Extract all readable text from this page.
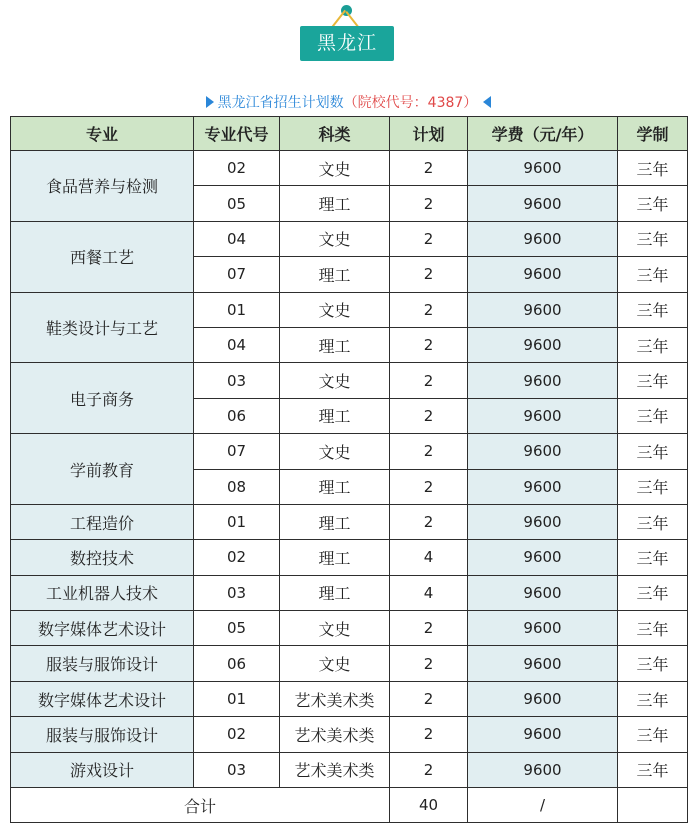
黑龙江
黑龙江省招生计划数（院校代号：4387）
专业	专业代号	科类	计划	学费（元/年）	学制
食品营养与检测	02	文史	2	9600	三年
	05	理工	2	9600	三年
西餐工艺	04	文史	2	9600	三年
	07	理工	2	9600	三年
鞋类设计与工艺	01	文史	2	9600	三年
	04	理工	2	9600	三年
电子商务	03	文史	2	9600	三年
	06	理工	2	9600	三年
学前教育	07	文史	2	9600	三年
	08	理工	2	9600	三年
工程造价	01	理工	2	9600	三年
数控技术	02	理工	4	9600	三年
工业机器人技术	03	理工	4	9600	三年
数字媒体艺术设计	05	文史	2	9600	三年
服装与服饰设计	06	文史	2	9600	三年
数字媒体艺术设计	01	艺术美术类	2	9600	三年
服装与服饰设计	02	艺术美术类	2	9600	三年
游戏设计	03	艺术美术类	2	9600	三年
合计			40	/	
